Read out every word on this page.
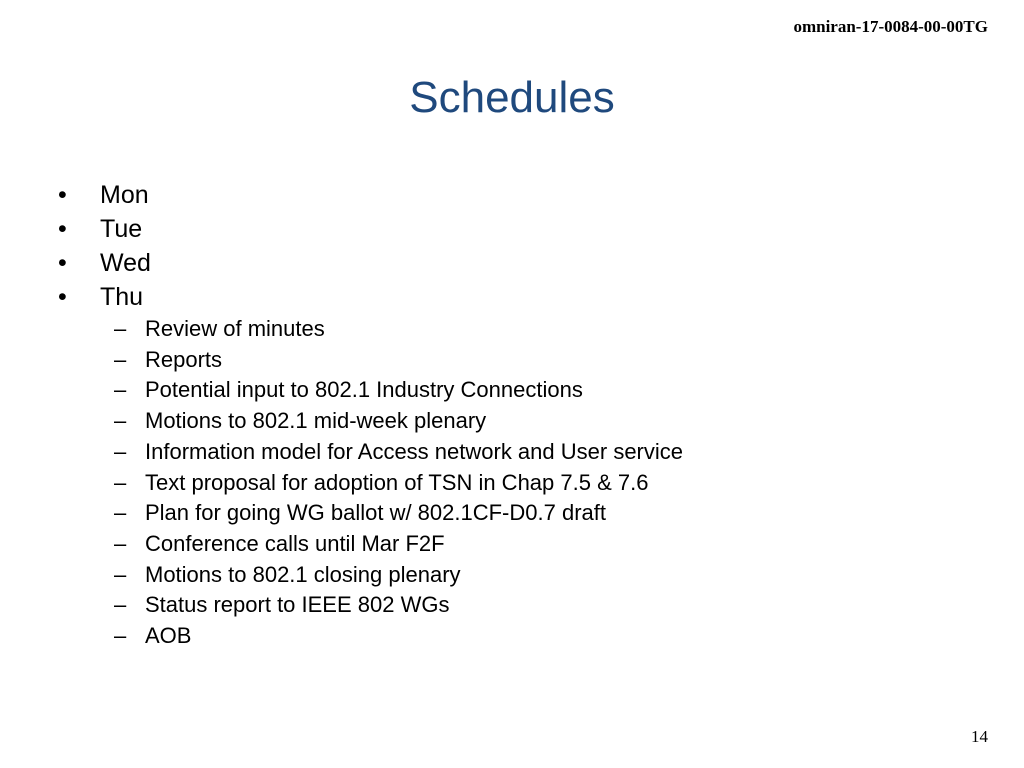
omniran-17-0084-00-00TG
Schedules
• Mon
• Tue
• Wed
• Thu
– Review of minutes
– Reports
– Potential input to 802.1 Industry Connections
– Motions to 802.1 mid-week plenary
– Information model for Access network and User service
– Text proposal for adoption of TSN in Chap 7.5 & 7.6
– Plan for going WG ballot w/ 802.1CF-D0.7 draft
– Conference calls until Mar F2F
– Motions to 802.1 closing plenary
– Status report to IEEE 802 WGs
– AOB
14
